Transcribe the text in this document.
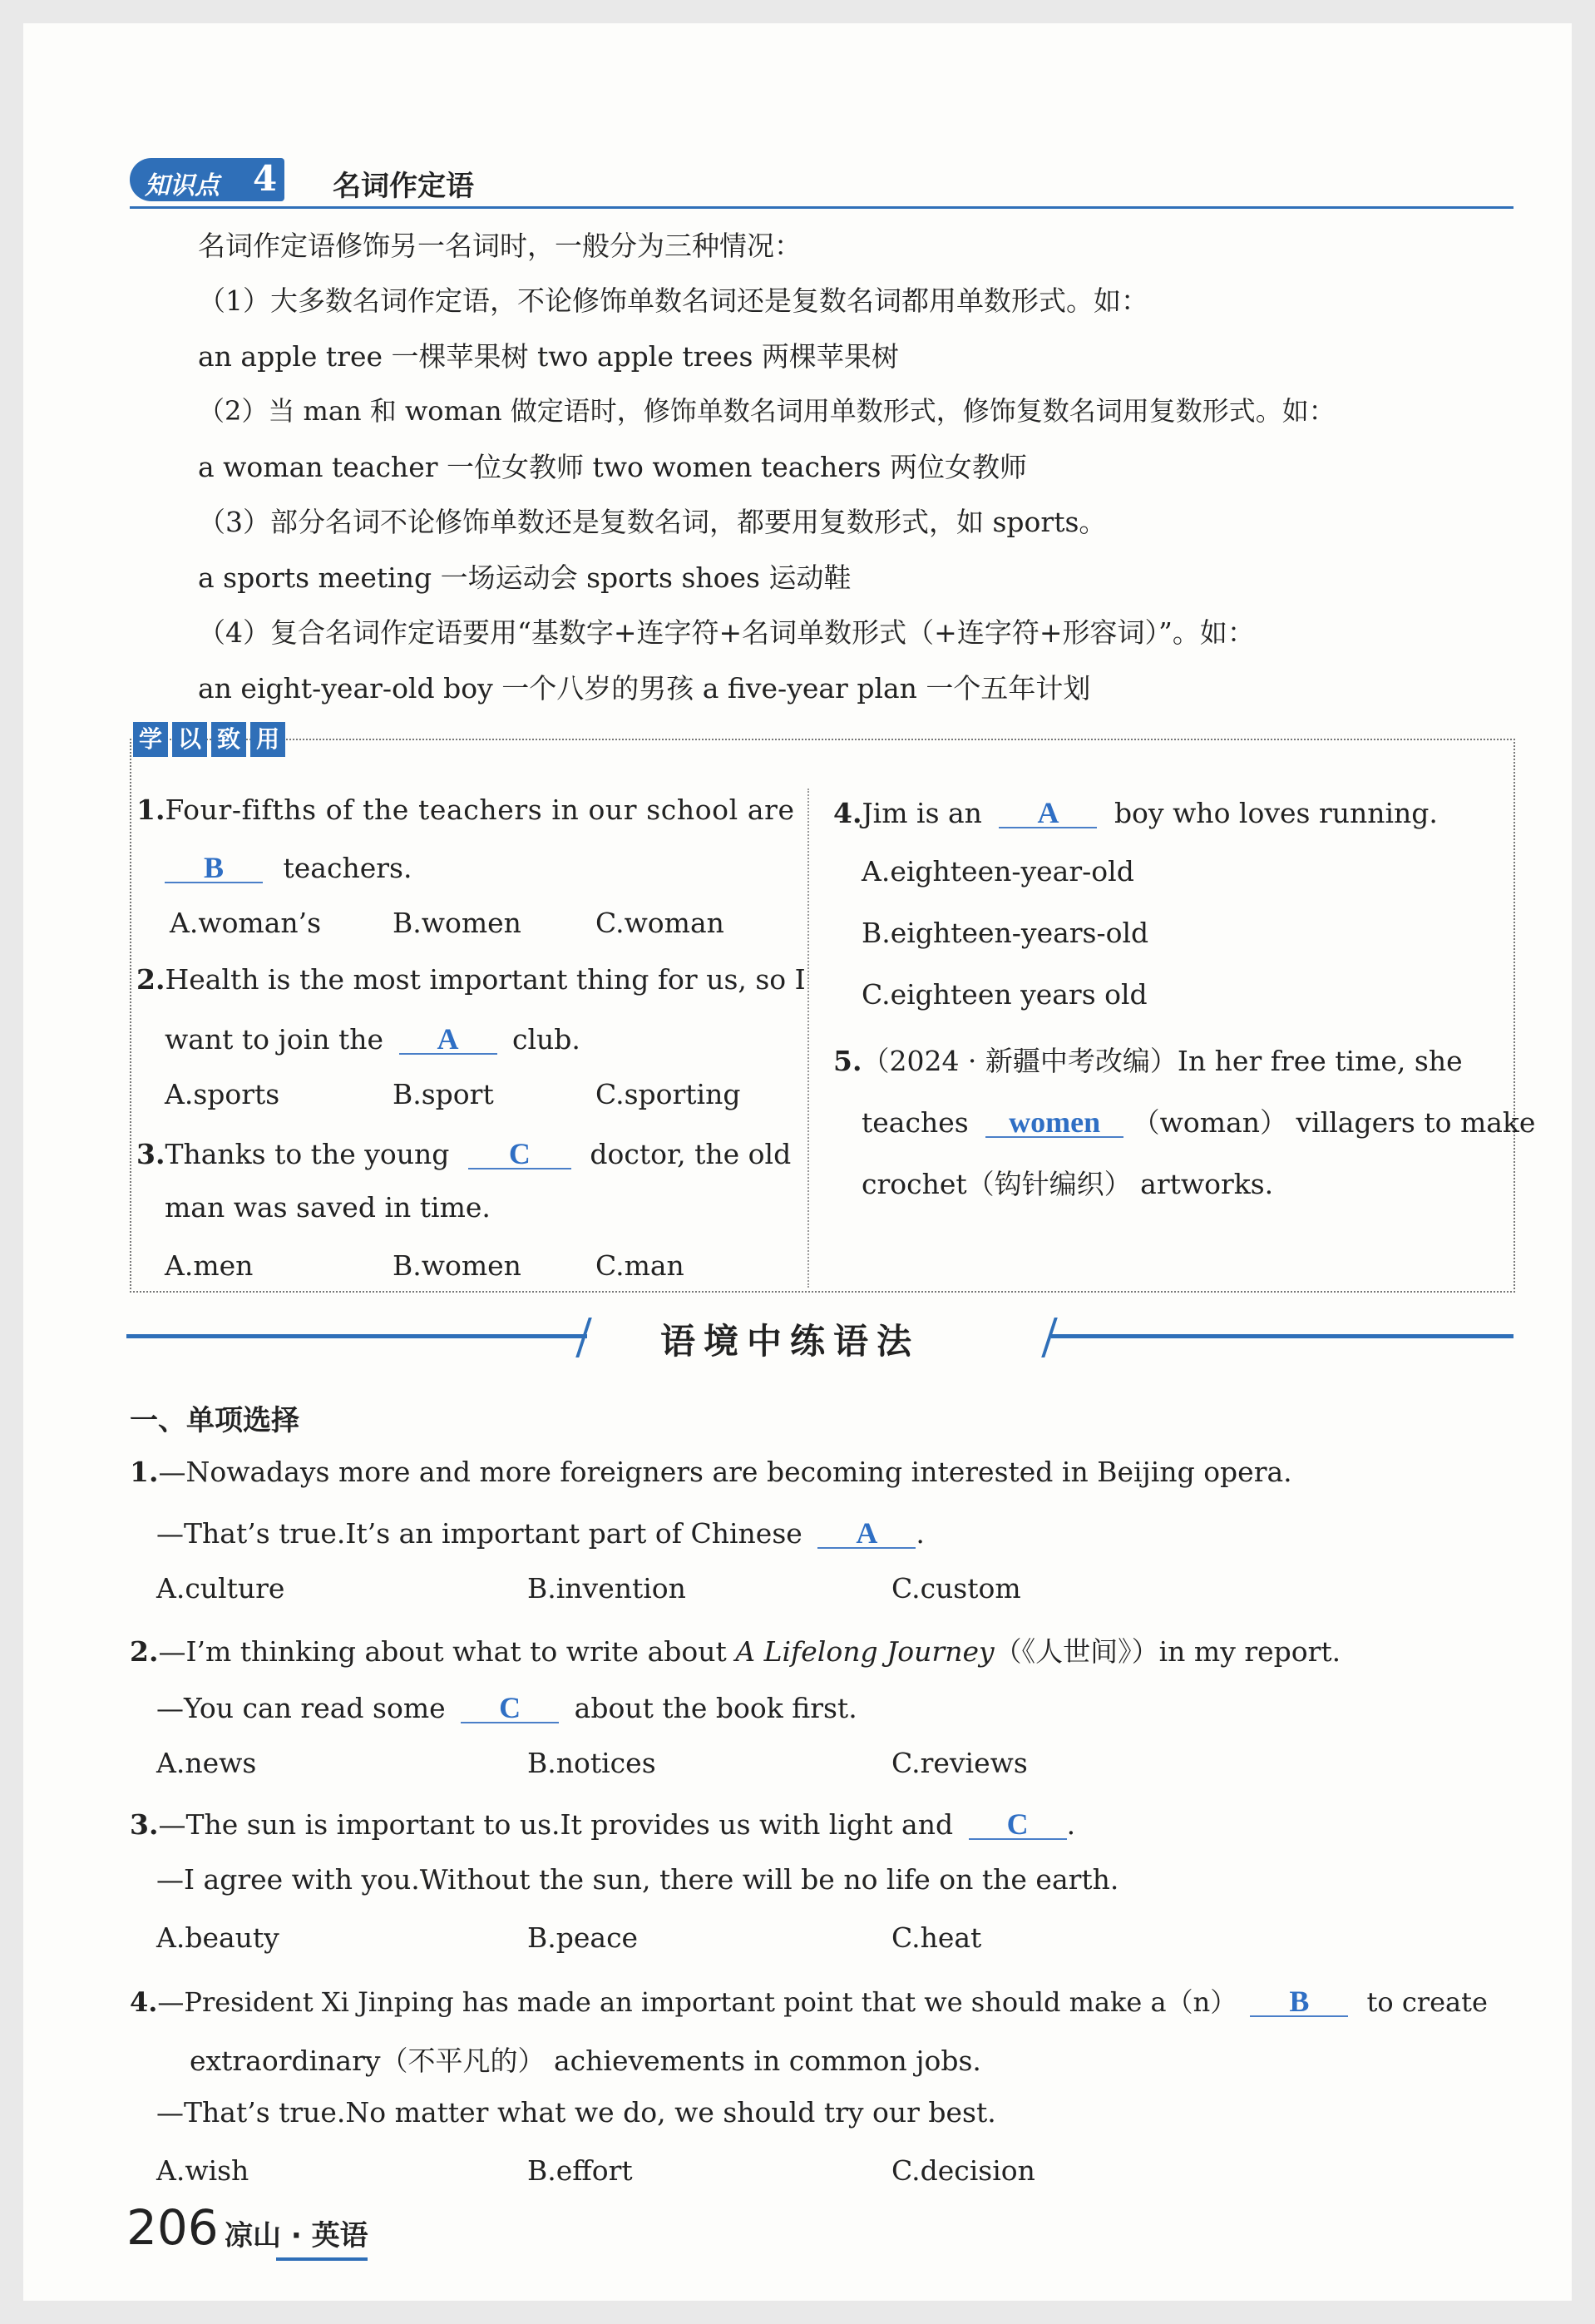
知识点 4 名词作定语
名词作定语修饰另一名词时，一般分为三种情况：
（1）大多数名词作定语，不论修饰单数名词还是复数名词都用单数形式。如：
an apple tree 一棵苹果树 two apple trees 两棵苹果树
（2）当 man 和 woman 做定语时，修饰单数名词用单数形式，修饰复数名词用复数形式。如：
a woman teacher 一位女教师 two women teachers 两位女教师
（3）部分名词不论修饰单数还是复数名词，都要用复数形式，如 sports。
a sports meeting 一场运动会 sports shoes 运动鞋
（4）复合名词作定语要用“基数字+连字符+名词单数形式（+连字符+形容词）”。如：
an eight-year-old boy 一个八岁的男孩 a five-year plan 一个五年计划
学 以 致 用
1.Four-fifths of the teachers in our school are
B teachers.
A.woman’s	B.women	C.woman
2.Health is the most important thing for us, so I
want to join the A club.
A.sports	B.sport	C.sporting
3.Thanks to the young C doctor, the old
man was saved in time.
A.men	B.women	C.man
4.Jim is an A boy who loves running.
A.eighteen-year-old
B.eighteen-years-old
C.eighteen years old
5.（2024 · 新疆中考改编）In her free time, she
teaches women （woman） villagers to make
crochet（钩针编织） artworks.
语境中练语法
一、单项选择
1.—Nowadays more and more foreigners are becoming interested in Beijing opera.
—That’s true.It’s an important part of Chinese A .
A.culture	B.invention	C.custom
2.—I’m thinking about what to write about A Lifelong Journey（《人世间》）in my report.
—You can read some C about the book first.
A.news	B.notices	C.reviews
3.—The sun is important to us.It provides us with light and C .
—I agree with you.Without the sun, there will be no life on the earth.
A.beauty	B.peace	C.heat
4.—President Xi Jinping has made an important point that we should make a（n） B to create
extraordinary（不平凡的） achievements in common jobs.
—That’s true.No matter what we do, we should try our best.
A.wish	B.effort	C.decision
206 凉山 · 英语
